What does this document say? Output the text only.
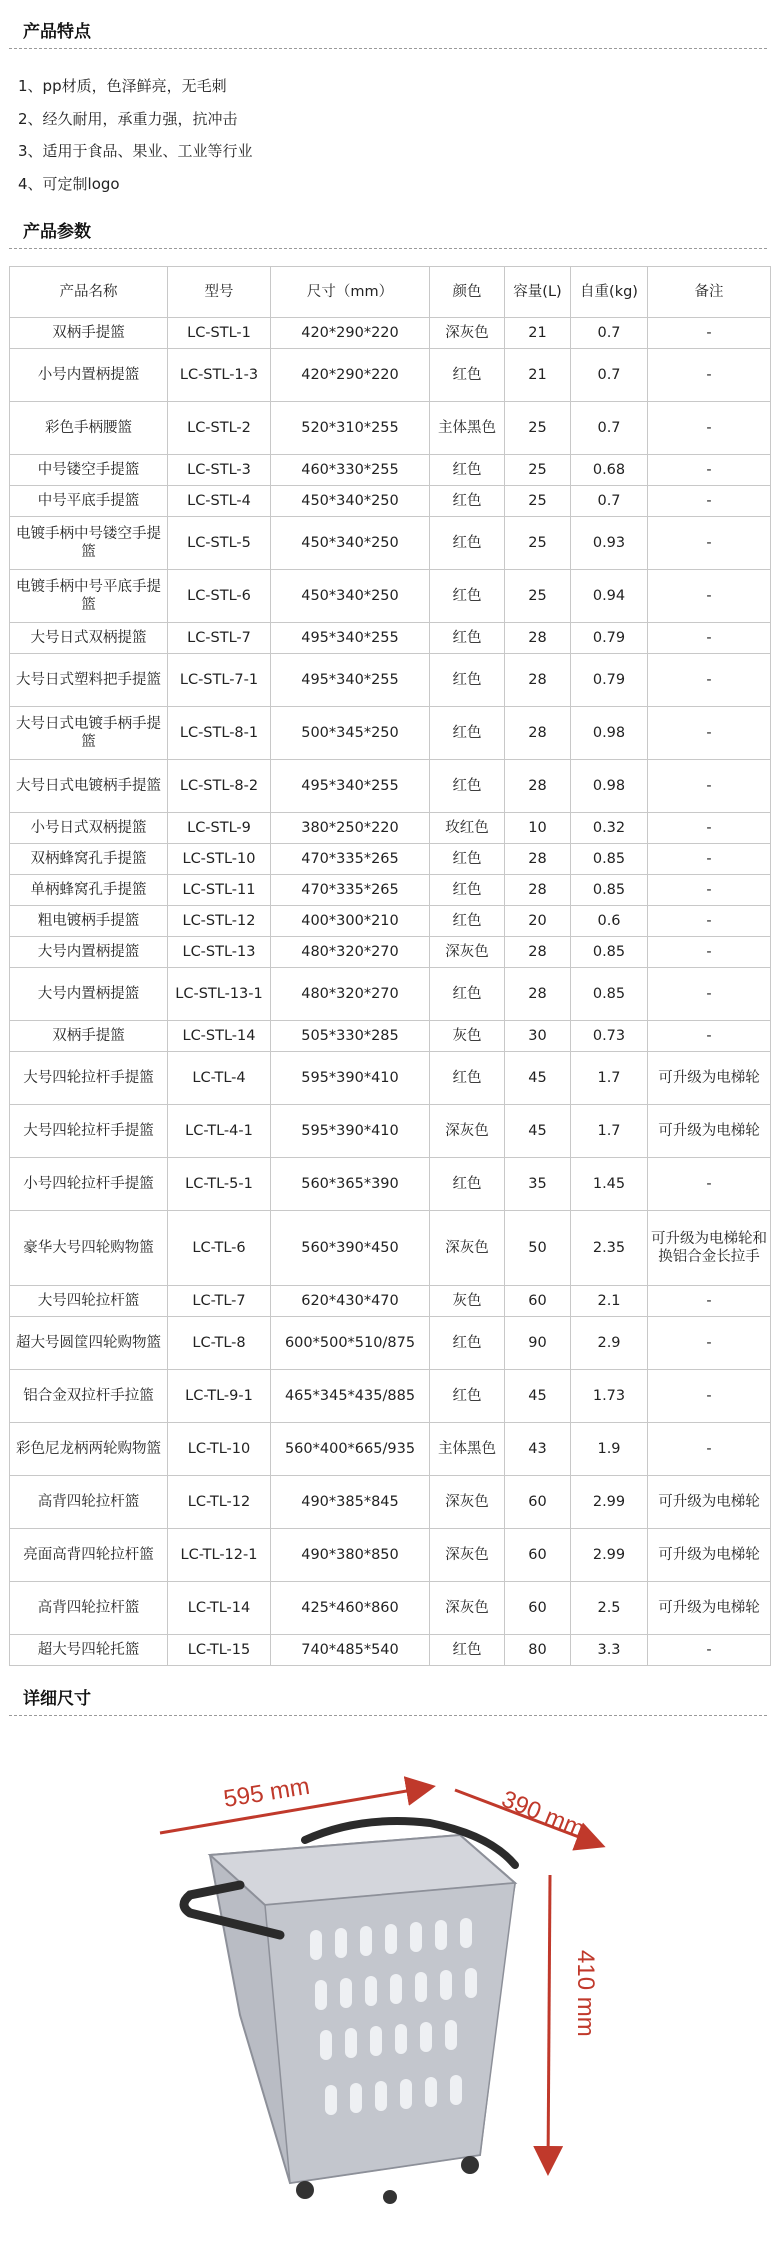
产品特点
1、pp材质，色泽鲜亮，无毛刺
2、经久耐用，承重力强，抗冲击
3、适用于食品、果业、工业等行业
4、可定制logo
产品参数
产品名称	型号	尺寸（mm）	颜色	容量(L)	自重(kg)	备注
双柄手提篮	LC-STL-1	420*290*220	深灰色	21	0.7	-
小号内置柄提篮	LC-STL-1-3	420*290*220	红色	21	0.7	-
彩色手柄腰篮	LC-STL-2	520*310*255	主体黑色	25	0.7	-
中号镂空手提篮	LC-STL-3	460*330*255	红色	25	0.68	-
中号平底手提篮	LC-STL-4	450*340*250	红色	25	0.7	-
电镀手柄中号镂空手提篮	LC-STL-5	450*340*250	红色	25	0.93	-
电镀手柄中号平底手提篮	LC-STL-6	450*340*250	红色	25	0.94	-
大号日式双柄提篮	LC-STL-7	495*340*255	红色	28	0.79	-
大号日式塑料把手提篮	LC-STL-7-1	495*340*255	红色	28	0.79	-
大号日式电镀手柄手提篮	LC-STL-8-1	500*345*250	红色	28	0.98	-
大号日式电镀柄手提篮	LC-STL-8-2	495*340*255	红色	28	0.98	-
小号日式双柄提篮	LC-STL-9	380*250*220	玫红色	10	0.32	-
双柄蜂窝孔手提篮	LC-STL-10	470*335*265	红色	28	0.85	-
单柄蜂窝孔手提篮	LC-STL-11	470*335*265	红色	28	0.85	-
粗电镀柄手提篮	LC-STL-12	400*300*210	红色	20	0.6	-
大号内置柄提篮	LC-STL-13	480*320*270	深灰色	28	0.85	-
大号内置柄提篮	LC-STL-13-1	480*320*270	红色	28	0.85	-
双柄手提篮	LC-STL-14	505*330*285	灰色	30	0.73	-
大号四轮拉杆手提篮	LC-TL-4	595*390*410	红色	45	1.7	可升级为电梯轮
大号四轮拉杆手提篮	LC-TL-4-1	595*390*410	深灰色	45	1.7	可升级为电梯轮
小号四轮拉杆手提篮	LC-TL-5-1	560*365*390	红色	35	1.45	-
豪华大号四轮购物篮	LC-TL-6	560*390*450	深灰色	50	2.35	可升级为电梯轮和换铝合金长拉手
大号四轮拉杆篮	LC-TL-7	620*430*470	灰色	60	2.1	-
超大号圆筐四轮购物篮	LC-TL-8	600*500*510/875	红色	90	2.9	-
铝合金双拉杆手拉篮	LC-TL-9-1	465*345*435/885	红色	45	1.73	-
彩色尼龙柄两轮购物篮	LC-TL-10	560*400*665/935	主体黑色	43	1.9	-
高背四轮拉杆篮	LC-TL-12	490*385*845	深灰色	60	2.99	可升级为电梯轮
亮面高背四轮拉杆篮	LC-TL-12-1	490*380*850	深灰色	60	2.99	可升级为电梯轮
高背四轮拉杆篮	LC-TL-14	425*460*860	深灰色	60	2.5	可升级为电梯轮
超大号四轮托篮	LC-TL-15	740*485*540	红色	80	3.3	-
详细尺寸
595 mm	390 mm
410 mm
